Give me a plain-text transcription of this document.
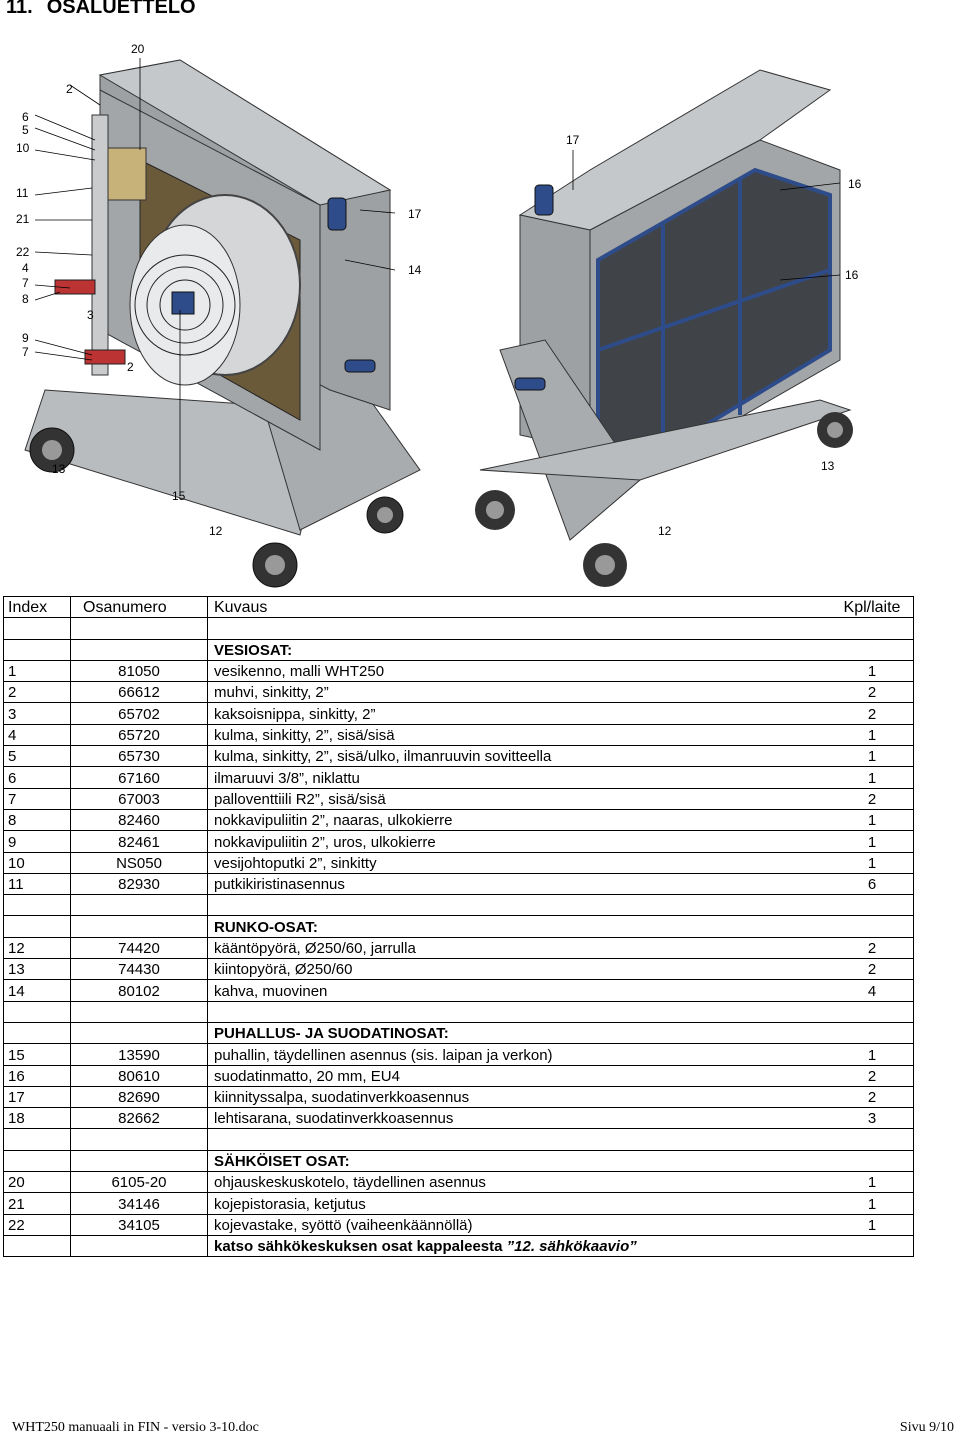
11. OSALUETTELO
20
2
6
5
10
11
21
22
4
7
8
3
9
7
2
13
15
12
17
17
14
16
16
13
12
Index	Osanumero	Kuvaus	Kpl/laite

		VESIOSAT:	
1	81050	vesikenno, malli WHT250	1
2	66612	muhvi, sinkitty, 2”	2
3	65702	kaksoisnippa, sinkitty, 2”	2
4	65720	kulma, sinkitty, 2”, sisä/sisä	1
5	65730	kulma, sinkitty, 2”, sisä/ulko, ilmanruuvin sovitteella	1
6	67160	ilmaruuvi 3/8”, niklattu	1
7	67003	palloventtiili R2”, sisä/sisä	2
8	82460	nokkavipuliitin 2”, naaras, ulkokierre	1
9	82461	nokkavipuliitin 2”, uros, ulkokierre	1
10	NS050	vesijohtoputki 2”, sinkitty	1
11	82930	putkikiristinasennus	6

		RUNKO-OSAT:	
12	74420	kääntöpyörä, Ø250/60, jarrulla	2
13	74430	kiintopyörä, Ø250/60	2
14	80102	kahva, muovinen	4

		PUHALLUS- JA SUODATINOSAT:	
15	13590	puhallin, täydellinen asennus (sis. laipan ja verkon)	1
16	80610	suodatinmatto, 20 mm, EU4	2
17	82690	kiinnityssalpa, suodatinverkkoasennus	2
18	82662	lehtisarana, suodatinverkkoasennus	3

		SÄHKÖISET OSAT:	
20	6105-20	ohjauskeskuskotelo, täydellinen asennus	1
21	34146	kojepistorasia, ketjutus	1
22	34105	kojevastake, syöttö (vaiheenkäännöllä)	1
		katso sähkökeskuksen osat kappaleesta ”12. sähkökaavio”	
WHT250 manuaali in FIN - versio 3-10.doc	Sivu 9/10
